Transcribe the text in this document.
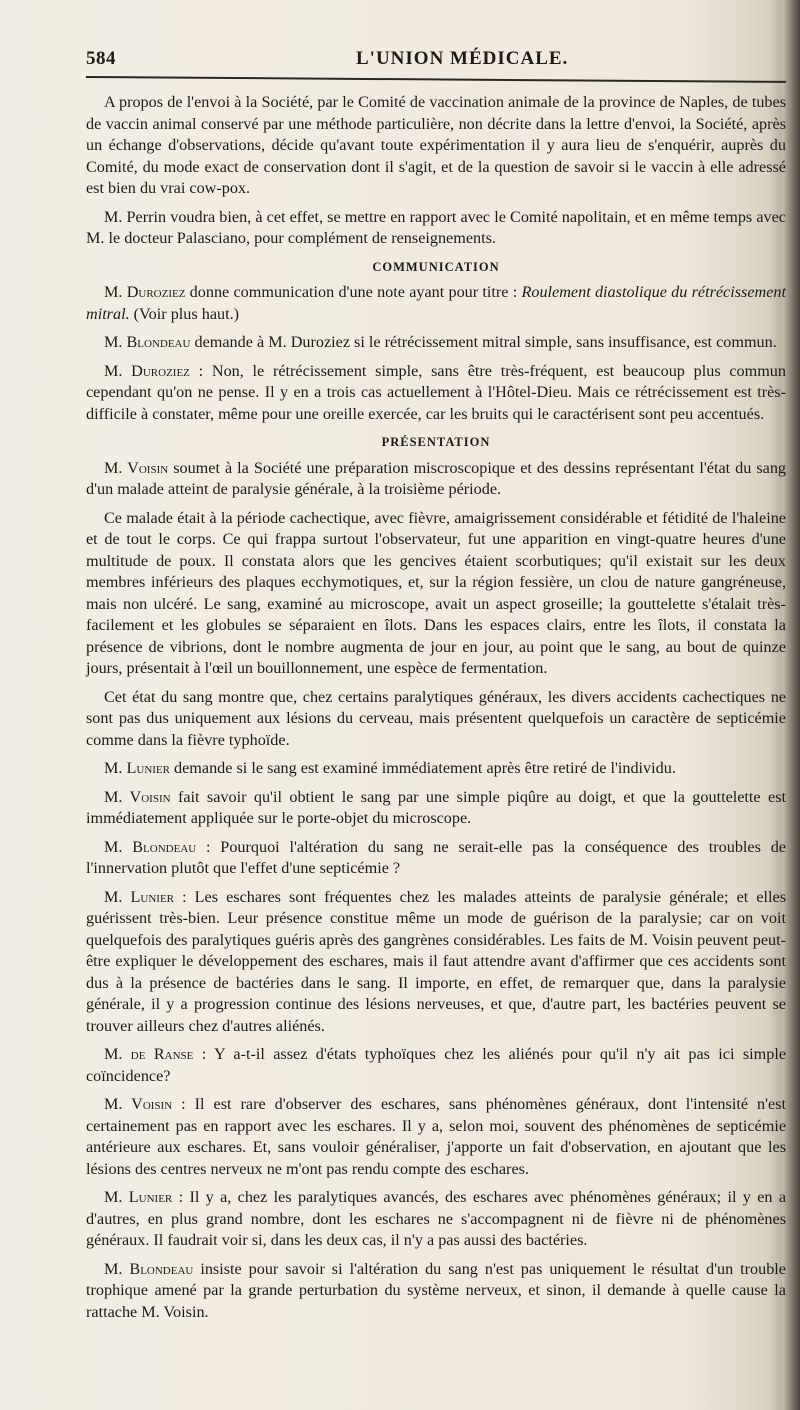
584	L'UNION MÉDICALE.

A propos de l'envoi à la Société, par le Comité de vaccination animale de la province de Naples, de tubes de vaccin animal conservé par une méthode particulière, non décrite dans la lettre d'envoi, la Société, après un échange d'observations, décide qu'avant toute expérimentation il y aura lieu de s'enquérir, auprès du Comité, du mode exact de conservation dont il s'agit, et de la question de savoir si le vaccin à elle adressé est bien du vrai cow-pox.

M. Perrin voudra bien, à cet effet, se mettre en rapport avec le Comité napolitain, et en même temps avec M. le docteur Palasciano, pour complément de renseignements.

COMMUNICATION

M. Duroziez donne communication d'une note ayant pour titre : Roulement diastolique du rétrécissement mitral. (Voir plus haut.)

M. Blondeau demande à M. Duroziez si le rétrécissement mitral simple, sans insuffisance, est commun.

M. Duroziez : Non, le rétrécissement simple, sans être très-fréquent, est beaucoup plus commun cependant qu'on ne pense. Il y en a trois cas actuellement à l'Hôtel-Dieu. Mais ce rétrécissement est très-difficile à constater, même pour une oreille exercée, car les bruits qui le caractérisent sont peu accentués.

PRÉSENTATION

M. Voisin soumet à la Société une préparation miscroscopique et des dessins représentant l'état du sang d'un malade atteint de paralysie générale, à la troisième période.

Ce malade était à la période cachectique, avec fièvre, amaigrissement considérable et fétidité de l'haleine et de tout le corps. Ce qui frappa surtout l'observateur, fut une apparition en vingt-quatre heures d'une multitude de poux. Il constata alors que les gencives étaient scorbutiques; qu'il existait sur les deux membres inférieurs des plaques ecchymotiques, et, sur la région fessière, un clou de nature gangréneuse, mais non ulcéré. Le sang, examiné au microscope, avait un aspect groseille; la gouttelette s'étalait très-facilement et les globules se séparaient en îlots. Dans les espaces clairs, entre les îlots, il constata la présence de vibrions, dont le nombre augmenta de jour en jour, au point que le sang, au bout de quinze jours, présentait à l'œil un bouillonnement, une espèce de fermentation.

Cet état du sang montre que, chez certains paralytiques généraux, les divers accidents cachectiques ne sont pas dus uniquement aux lésions du cerveau, mais présentent quelquefois un caractère de septicémie comme dans la fièvre typhoïde.

M. Lunier demande si le sang est examiné immédiatement après être retiré de l'individu.

M. Voisin fait savoir qu'il obtient le sang par une simple piqûre au doigt, et que la gouttelette est immédiatement appliquée sur le porte-objet du microscope.

M. Blondeau : Pourquoi l'altération du sang ne serait-elle pas la conséquence des troubles de l'innervation plutôt que l'effet d'une septicémie ?

M. Lunier : Les eschares sont fréquentes chez les malades atteints de paralysie générale; et elles guérissent très-bien. Leur présence constitue même un mode de guérison de la paralysie; car on voit quelquefois des paralytiques guéris après des gangrènes considérables. Les faits de M. Voisin peuvent peut-être expliquer le développement des eschares, mais il faut attendre avant d'affirmer que ces accidents sont dus à la présence de bactéries dans le sang. Il importe, en effet, de remarquer que, dans la paralysie générale, il y a progression continue des lésions nerveuses, et que, d'autre part, les bactéries peuvent se trouver ailleurs chez d'autres aliénés.

M. de Ranse : Y a-t-il assez d'états typhoïques chez les aliénés pour qu'il n'y ait pas ici simple coïncidence?

M. Voisin : Il est rare d'observer des eschares, sans phénomènes généraux, dont l'intensité n'est certainement pas en rapport avec les eschares. Il y a, selon moi, souvent des phénomènes de septicémie antérieure aux eschares. Et, sans vouloir généraliser, j'apporte un fait d'observation, en ajoutant que les lésions des centres nerveux ne m'ont pas rendu compte des eschares.

M. Lunier : Il y a, chez les paralytiques avancés, des eschares avec phénomènes généraux; il y en a d'autres, en plus grand nombre, dont les eschares ne s'accompagnent ni de fièvre ni de phénomènes généraux. Il faudrait voir si, dans les deux cas, il n'y a pas aussi des bactéries.

M. Blondeau insiste pour savoir si l'altération du sang n'est pas uniquement le résultat d'un trouble trophique amené par la grande perturbation du système nerveux, et sinon, il demande à quelle cause la rattache M. Voisin.
